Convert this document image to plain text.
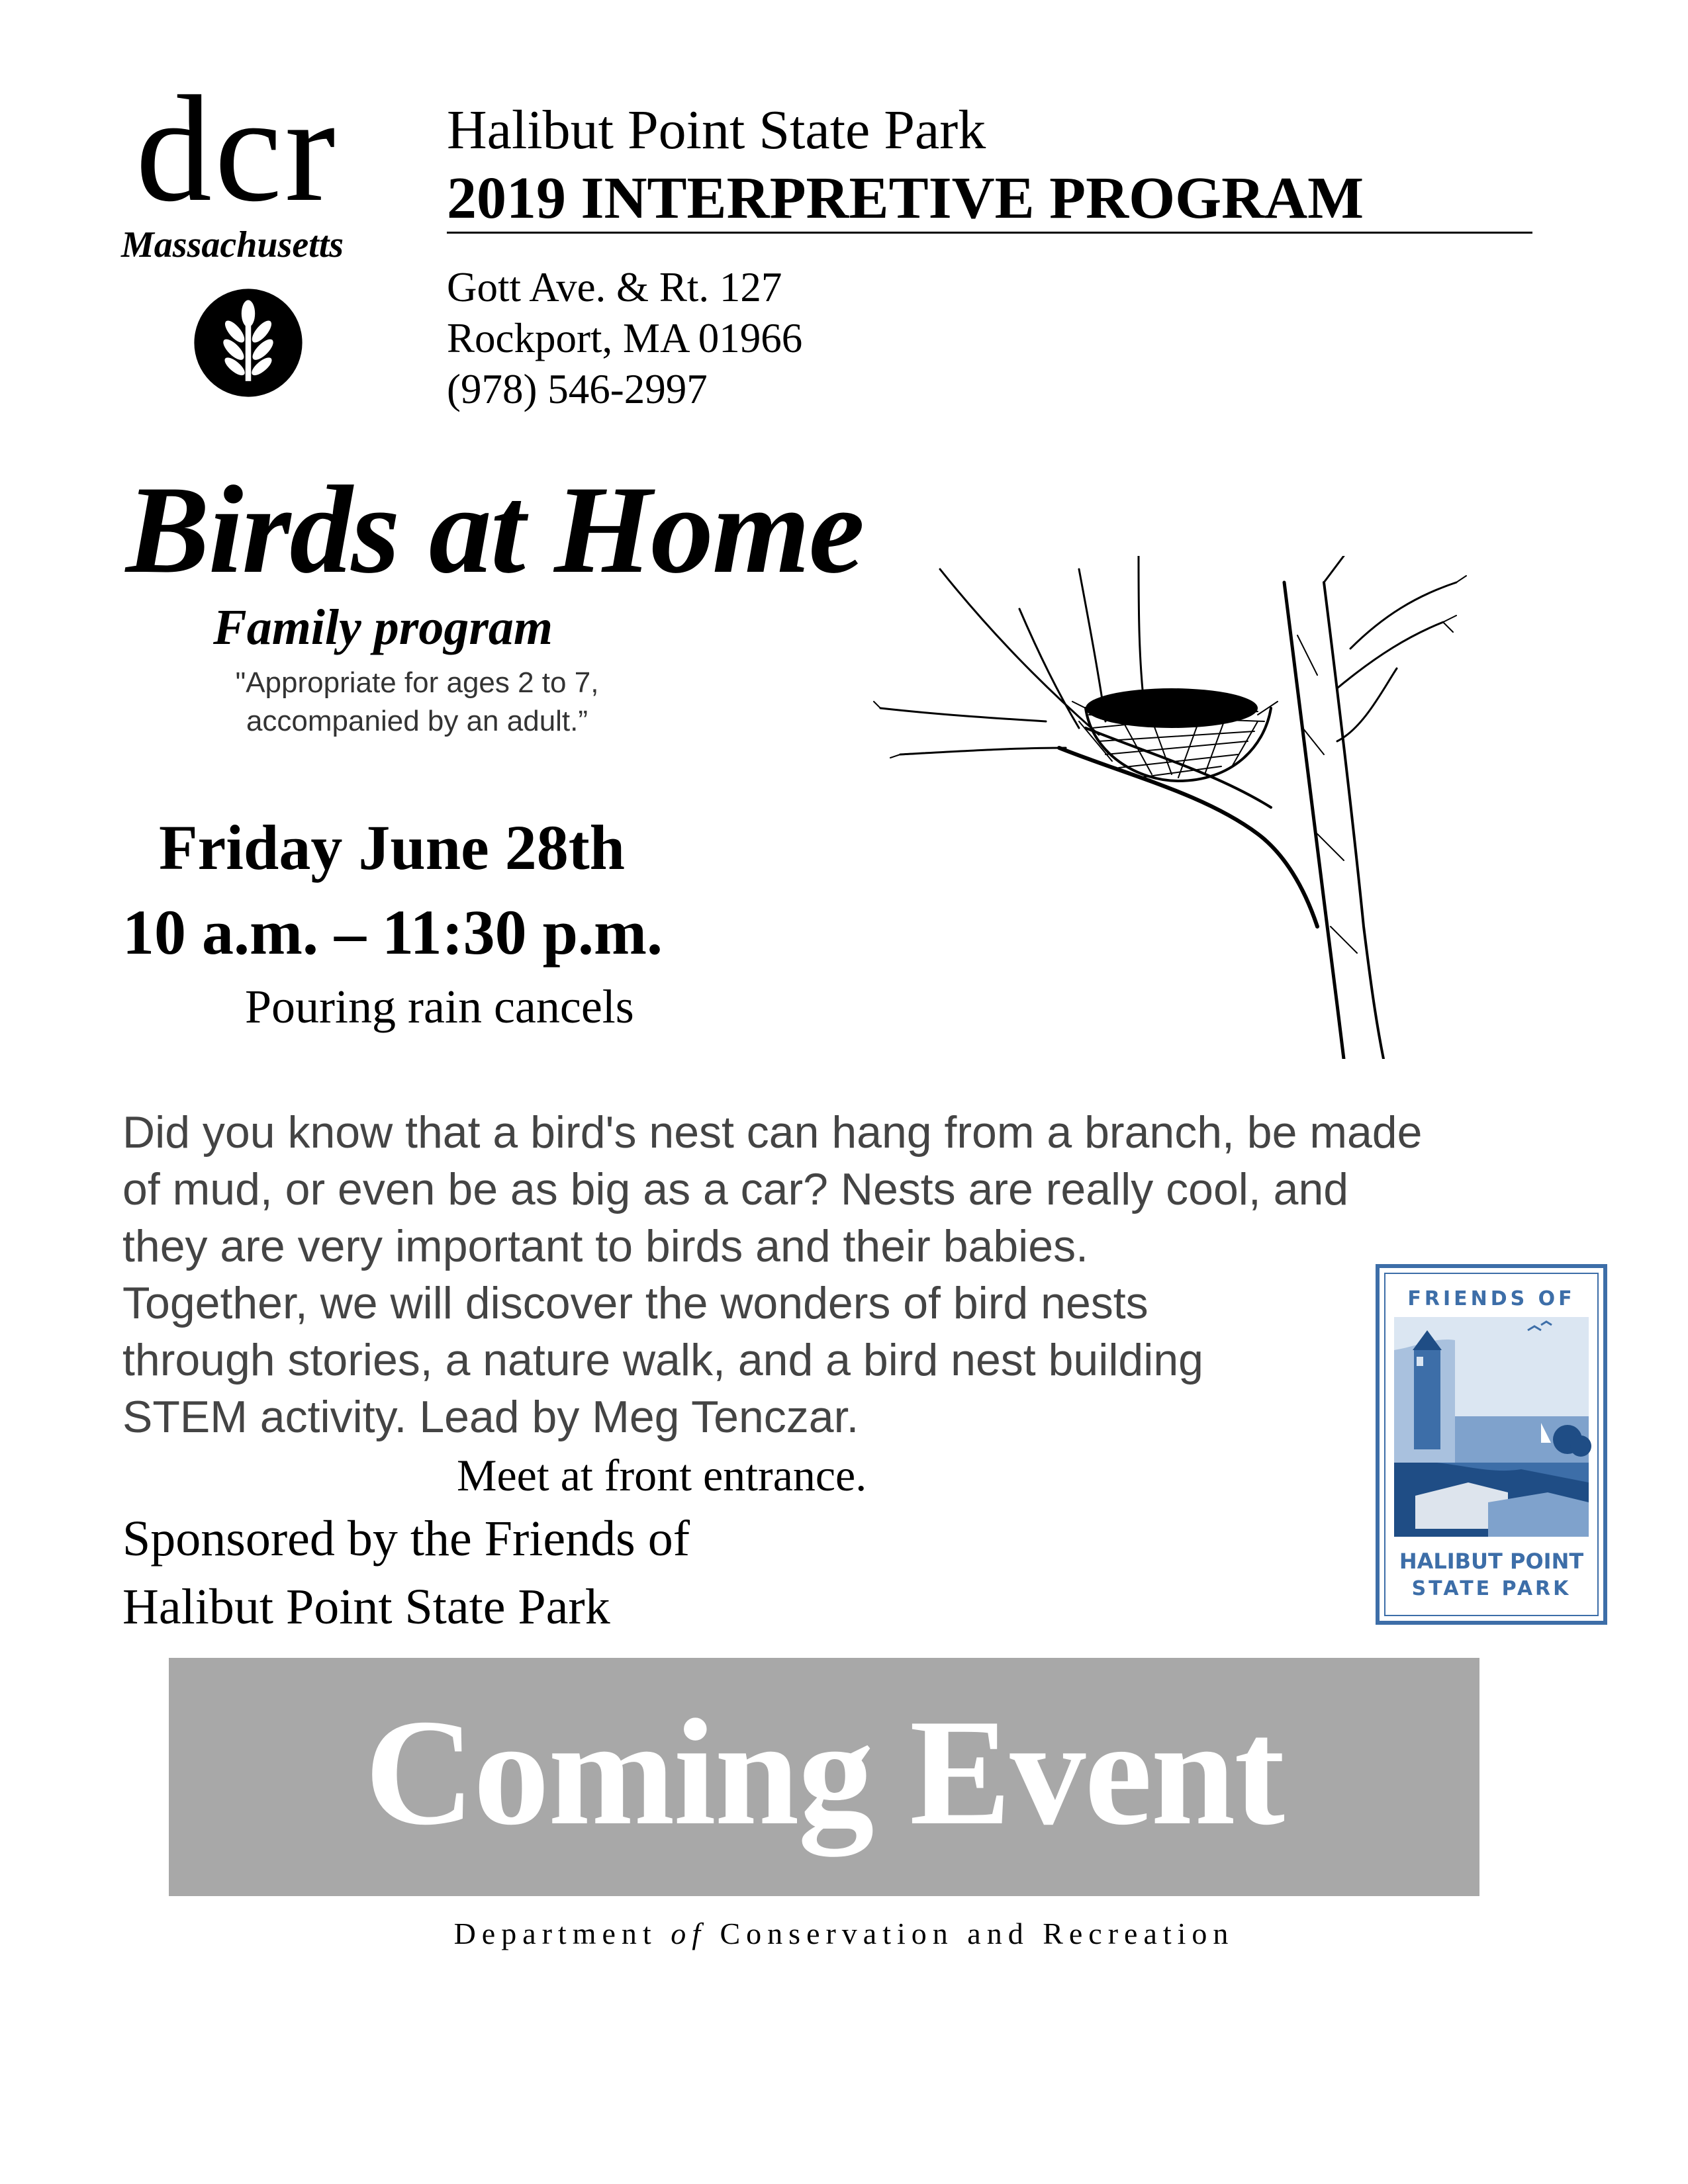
dcr
Massachusetts
Halibut Point State Park
2019 INTERPRETIVE PROGRAM
Gott Ave. & Rt. 127
Rockport, MA 01966
(978) 546-2997
Birds at Home
Family program
"Appropriate for ages 2 to 7,
accompanied by an adult.”
Friday June 28th
10 a.m. – 11:30 p.m.
Pouring rain cancels
Did you know that a bird's nest can hang from a branch, be made
of mud, or even be as big as a car? Nests are really cool, and
they are very important to birds and their babies.
Together, we will discover the wonders of bird nests
through stories, a nature walk, and a bird nest building
STEM activity. Lead by Meg Tenczar.
Meet at front entrance.
Sponsored by the Friends of
Halibut Point State Park
FRIENDS OF
HALIBUT POINT
STATE PARK
Coming Event
Department of Conservation and Recreation
